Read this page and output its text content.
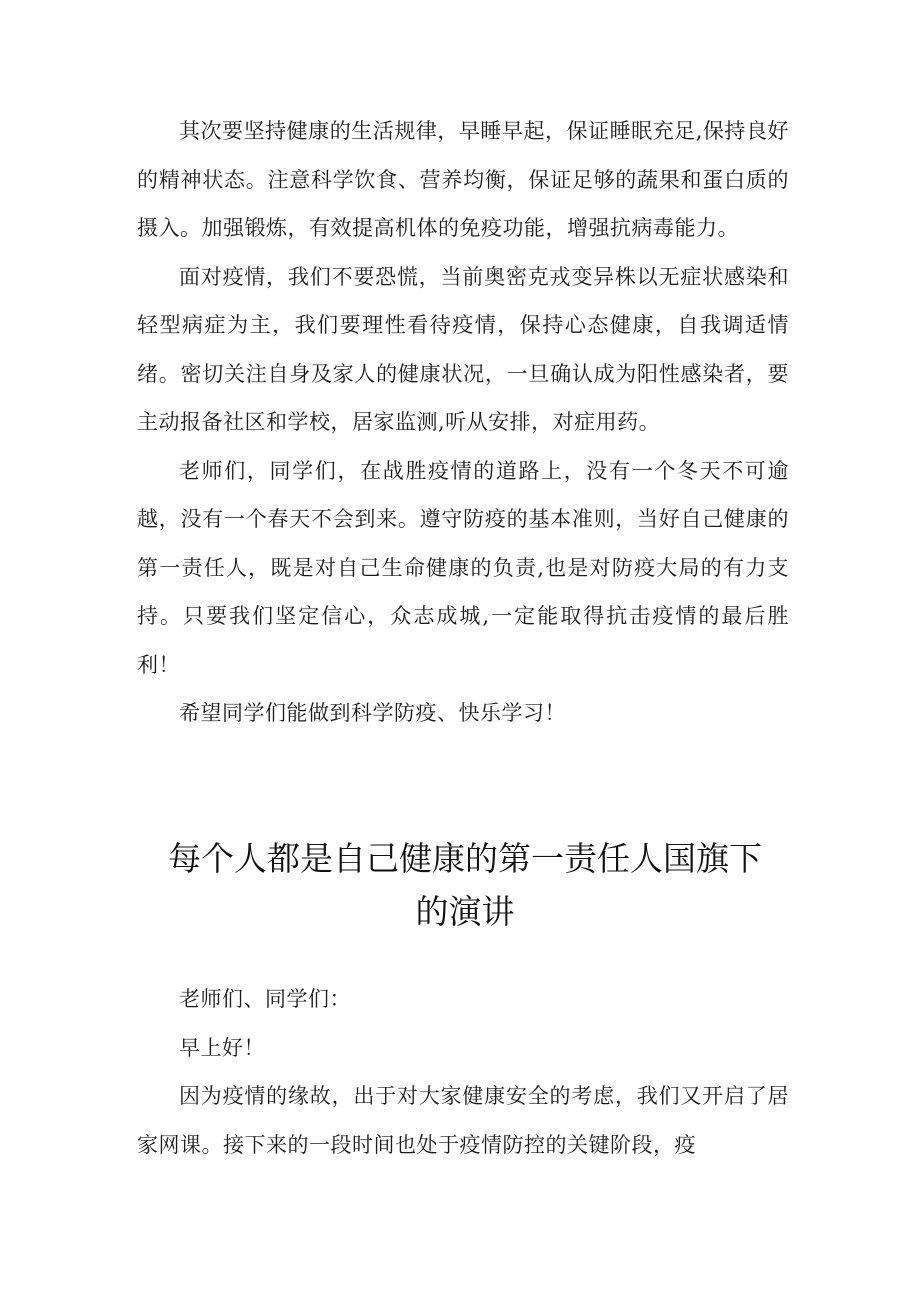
其次要坚持健康的生活规律，早睡早起，保证睡眠充足,保持良好的精神状态。注意科学饮食、营养均衡，保证足够的蔬果和蛋白质的摄入。加强锻炼，有效提高机体的免疫功能，增强抗病毒能力。

面对疫情，我们不要恐慌，当前奥密克戎变异株以无症状感染和轻型病症为主，我们要理性看待疫情，保持心态健康，自我调适情绪。密切关注自身及家人的健康状况，一旦确认成为阳性感染者，要主动报备社区和学校，居家监测,听从安排，对症用药。

老师们，同学们，在战胜疫情的道路上，没有一个冬天不可逾越，没有一个春天不会到来。遵守防疫的基本准则，当好自己健康的第一责任人，既是对自己生命健康的负责,也是对防疫大局的有力支持。只要我们坚定信心，众志成城,一定能取得抗击疫情的最后胜利！

希望同学们能做到科学防疫、快乐学习！

每个人都是自己健康的第一责任人国旗下
的演讲

老师们、同学们：

早上好！

因为疫情的缘故，出于对大家健康安全的考虑，我们又开启了居家网课。接下来的一段时间也处于疫情防控的关键阶段，疫
